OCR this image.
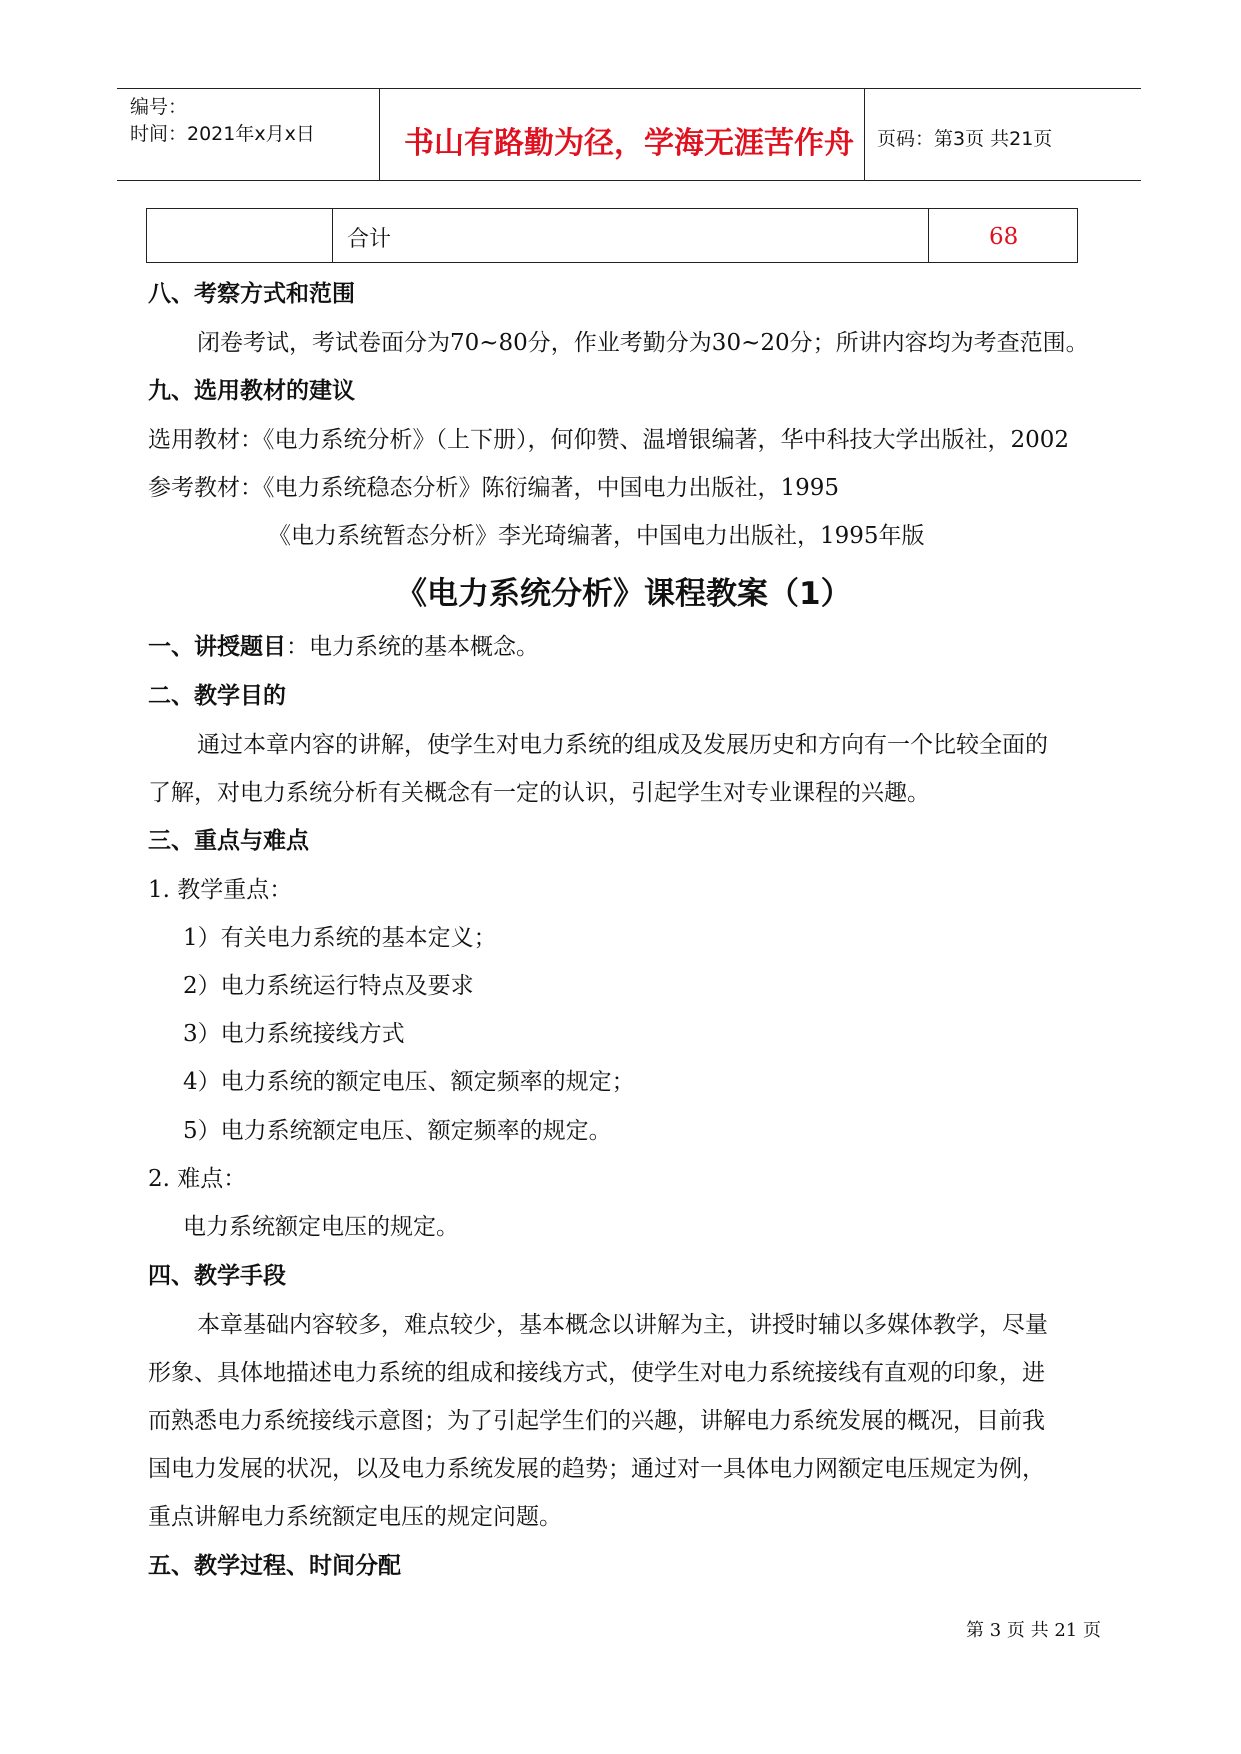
编号：
时间：2021年x月x日	书山有路勤为径，学海无涯苦作舟 页码：第3页 共21页
合计	68
八、考察方式和范围
闭卷考试，考试卷面分为70~80分，作业考勤分为30~20分；所讲内容均为考查范围。
九、选用教材的建议
选用教材：《电力系统分析》（上下册），何仰赞、温增银编著，华中科技大学出版社，2002
参考教材：《电力系统稳态分析》陈衍编著，中国电力出版社，1995
《电力系统暂态分析》李光琦编著，中国电力出版社，1995年版
《电力系统分析》课程教案（1）
一、讲授题目：电力系统的基本概念。
二、教学目的
通过本章内容的讲解，使学生对电力系统的组成及发展历史和方向有一个比较全面的
了解，对电力系统分析有关概念有一定的认识，引起学生对专业课程的兴趣。
三、重点与难点
1. 教学重点：
1）有关电力系统的基本定义；
2）电力系统运行特点及要求
3）电力系统接线方式
4）电力系统的额定电压、额定频率的规定；
5）电力系统额定电压、额定频率的规定。
2. 难点：
电力系统额定电压的规定。
四、教学手段
本章基础内容较多，难点较少，基本概念以讲解为主，讲授时辅以多媒体教学，尽量
形象、具体地描述电力系统的组成和接线方式，使学生对电力系统接线有直观的印象，进
而熟悉电力系统接线示意图；为了引起学生们的兴趣，讲解电力系统发展的概况，目前我
国电力发展的状况，以及电力系统发展的趋势；通过对一具体电力网额定电压规定为例，
重点讲解电力系统额定电压的规定问题。
五、教学过程、时间分配
第 3 页 共 21 页
